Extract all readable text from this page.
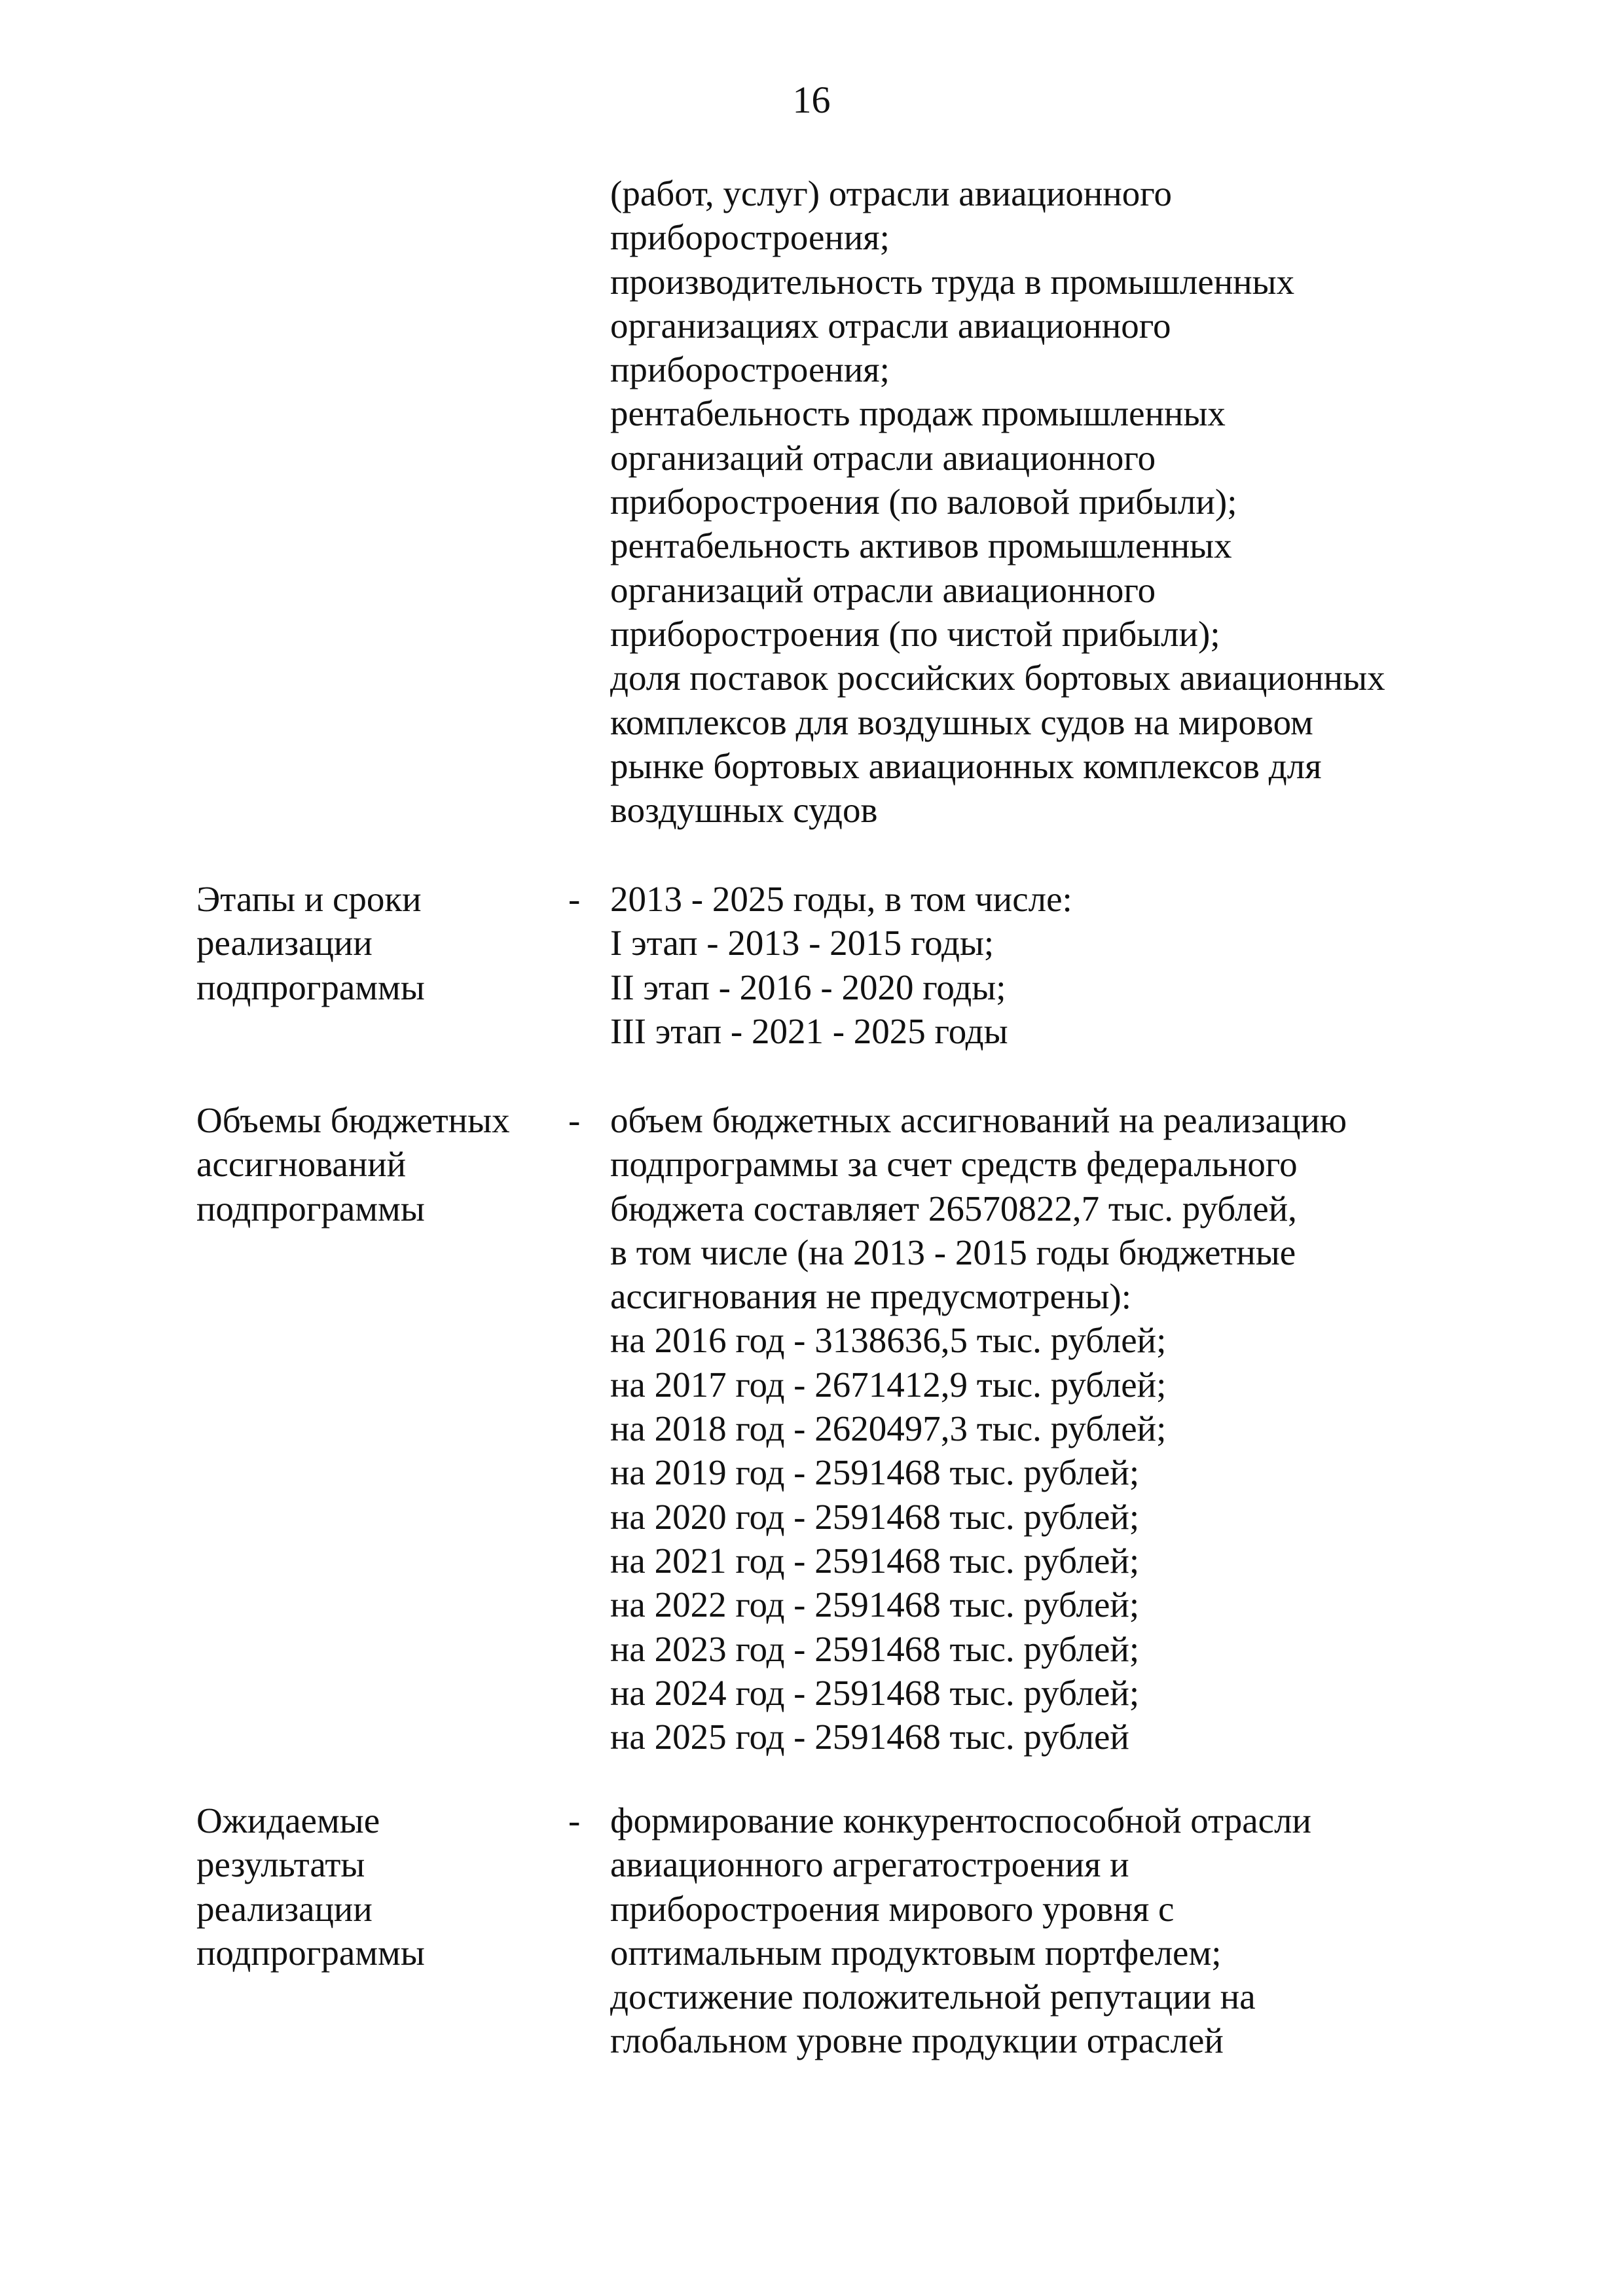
16
(работ, услуг) отрасли авиационного
приборостроения;
производительность труда в промышленных
организациях отрасли авиационного
приборостроения;
рентабельность продаж промышленных
организаций отрасли авиационного
приборостроения (по валовой прибыли);
рентабельность активов промышленных
организаций отрасли авиационного
приборостроения (по чистой прибыли);
доля поставок российских бортовых авиационных
комплексов для воздушных судов на мировом
рынке бортовых авиационных комплексов для
воздушных судов
Этапы и сроки
реализации
подпрограммы
- 2013 - 2025 годы, в том числе:
I этап - 2013 - 2015 годы;
II этап - 2016 - 2020 годы;
III этап - 2021 - 2025 годы
Объемы бюджетных
ассигнований
подпрограммы
- объем бюджетных ассигнований на реализацию
подпрограммы за счет средств федерального
бюджета составляет 26570822,7 тыс. рублей,
в том числе (на 2013 - 2015 годы бюджетные
ассигнования не предусмотрены):
на 2016 год - 3138636,5 тыс. рублей;
на 2017 год - 2671412,9 тыс. рублей;
на 2018 год - 2620497,3 тыс. рублей;
на 2019 год - 2591468 тыс. рублей;
на 2020 год - 2591468 тыс. рублей;
на 2021 год - 2591468 тыс. рублей;
на 2022 год - 2591468 тыс. рублей;
на 2023 год - 2591468 тыс. рублей;
на 2024 год - 2591468 тыс. рублей;
на 2025 год - 2591468 тыс. рублей
Ожидаемые
результаты
реализации
подпрограммы
- формирование конкурентоспособной отрасли
авиационного агрегатостроения и
приборостроения мирового уровня с
оптимальным продуктовым портфелем;
достижение положительной репутации на
глобальном уровне продукции отраслей
